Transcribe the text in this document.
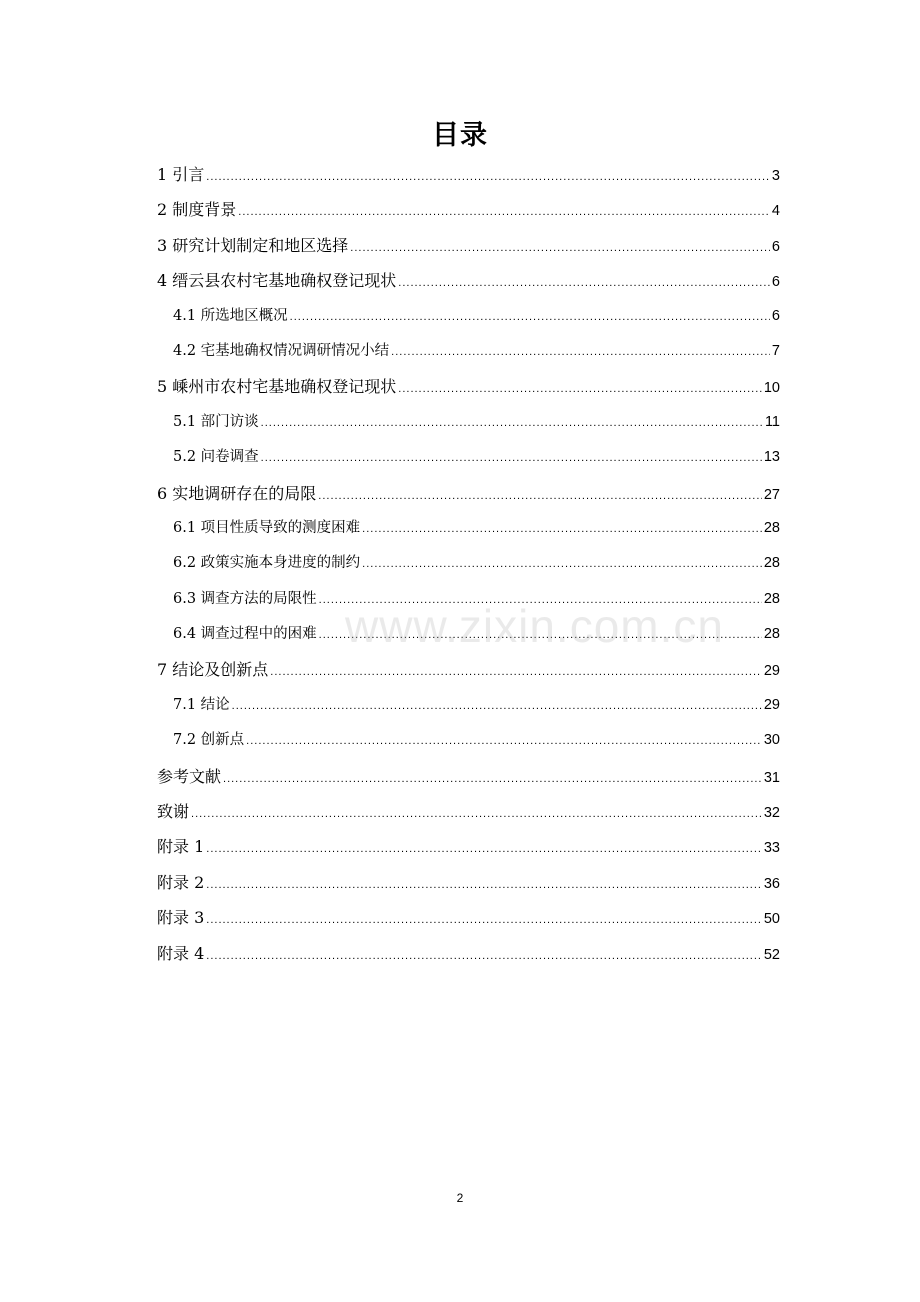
目录
1 引言 .....	3
2 制度背景 .....	4
3 研究计划制定和地区选择 .....	6
4 缙云县农村宅基地确权登记现状 .....	6
4.1 所选地区概况 .....	6
4.2 宅基地确权情况调研情况小结 .....	7
5 嵊州市农村宅基地确权登记现状 .....	10
5.1 部门访谈 .....	11
5.2 问卷调查 .....	13
6 实地调研存在的局限 .....	27
6.1 项目性质导致的测度困难 .....	28
6.2 政策实施本身进度的制约 .....	28
6.3 调查方法的局限性 .....	28
6.4 调查过程中的困难 .....	28
7 结论及创新点 .....	29
7.1 结论 .....	29
7.2 创新点 .....	30
参考文献 .....	31
致谢 .....	32
附录 1 .....	33
附录 2 .....	36
附录 3 .....	50
附录 4 .....	52
www.zixin.com.cn
2
